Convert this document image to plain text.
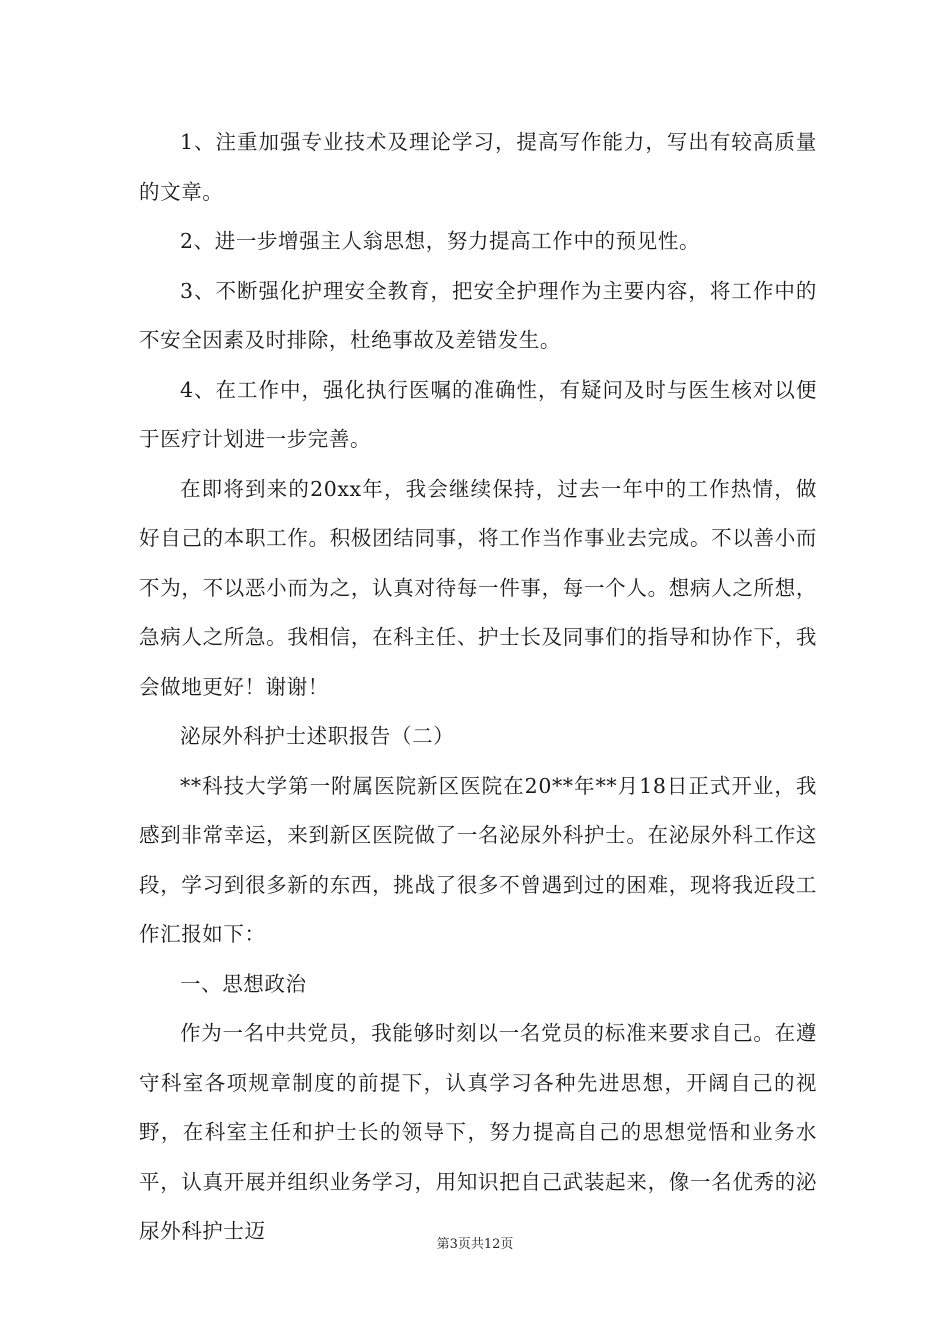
1、注重加强专业技术及理论学习，提高写作能力，写出有较高质量的文章。

2、进一步增强主人翁思想，努力提高工作中的预见性。

3、不断强化护理安全教育，把安全护理作为主要内容，将工作中的不安全因素及时排除，杜绝事故及差错发生。

4、在工作中，强化执行医嘱的准确性，有疑问及时与医生核对以便于医疗计划进一步完善。

在即将到来的20xx年，我会继续保持，过去一年中的工作热情，做好自己的本职工作。积极团结同事，将工作当作事业去完成。不以善小而不为，不以恶小而为之，认真对待每一件事，每一个人。想病人之所想，急病人之所急。我相信，在科主任、护士长及同事们的指导和协作下，我会做地更好！谢谢！

泌尿外科护士述职报告（二）

**科技大学第一附属医院新区医院在20**年**月18日正式开业，我感到非常幸运，来到新区医院做了一名泌尿外科护士。在泌尿外科工作这段，学习到很多新的东西，挑战了很多不曾遇到过的困难，现将我近段工作汇报如下：

一、思想政治

作为一名中共党员，我能够时刻以一名党员的标准来要求自己。在遵守科室各项规章制度的前提下，认真学习各种先进思想，开阔自己的视野，在科室主任和护士长的领导下，努力提高自己的思想觉悟和业务水平，认真开展并组织业务学习，用知识把自己武装起来，像一名优秀的泌尿外科护士迈

第3页共12页
